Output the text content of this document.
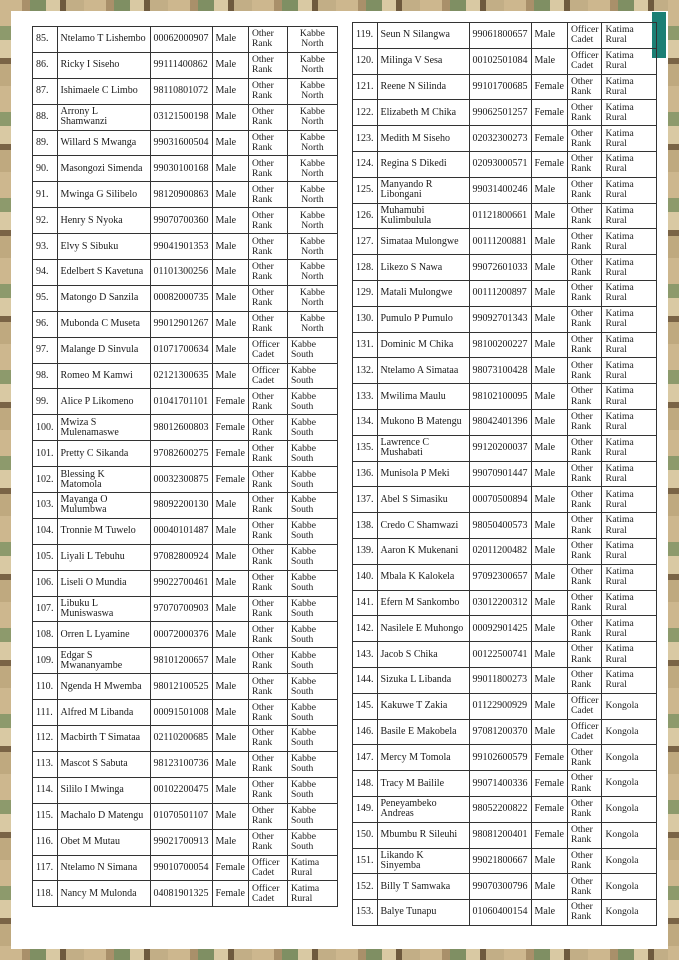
85.	Ntelamo T Lishembo	00062000907	Male	Other Rank	Kabbe North
86.	Ricky I Siseho	99111400862	Male	Other Rank	Kabbe North
87.	Ishimaele C Limbo	98110801072	Male	Other Rank	Kabbe North
88.	Arrony L Shamwanzi	03121500198	Male	Other Rank	Kabbe North
89.	Willard S Mwanga	99031600504	Male	Other Rank	Kabbe North
90.	Masongozi Simenda	99030100168	Male	Other Rank	Kabbe North
91.	Mwinga G Silibelo	98120900863	Male	Other Rank	Kabbe North
92.	Henry S Nyoka	99070700360	Male	Other Rank	Kabbe North
93.	Elvy S Sibuku	99041901353	Male	Other Rank	Kabbe North
94.	Edelbert S Kavetuna	01101300256	Male	Other Rank	Kabbe North
95.	Matongo D Sanzila	00082000735	Male	Other Rank	Kabbe North
96.	Mubonda C Museta	99012901267	Male	Other Rank	Kabbe North
97.	Malange D Sinvula	01071700634	Male	Officer Cadet	Kabbe South
98.	Romeo M Kamwi	02121300635	Male	Officer Cadet	Kabbe South
99.	Alice P Likomeno	01041701101	Female	Other Rank	Kabbe South
100.	Mwiza S Mulenamaswe	98012600803	Female	Other Rank	Kabbe South
101.	Pretty C Sikanda	97082600275	Female	Other Rank	Kabbe South
102.	Blessing K Matomola	00032300875	Female	Other Rank	Kabbe South
103.	Mayanga O Mulumbwa	98092200130	Male	Other Rank	Kabbe South
104.	Tronnie M Tuwelo	00040101487	Male	Other Rank	Kabbe South
105.	Liyali L Tebuhu	97082800924	Male	Other Rank	Kabbe South
106.	Liseli O Mundia	99022700461	Male	Other Rank	Kabbe South
107.	Libuku L Muniswaswa	97070700903	Male	Other Rank	Kabbe South
108.	Orren L Lyamine	00072000376	Male	Other Rank	Kabbe South
109.	Edgar S Mwananyambe	98101200657	Male	Other Rank	Kabbe South
110.	Ngenda H Mwemba	98012100525	Male	Other Rank	Kabbe South
111.	Alfred M Libanda	00091501008	Male	Other Rank	Kabbe South
112.	Macbirth T Simataa	02110200685	Male	Other Rank	Kabbe South
113.	Mascot S Sabuta	98123100736	Male	Other Rank	Kabbe South
114.	Sililo I Mwinga	00102200475	Male	Other Rank	Kabbe South
115.	Machalo D Matengu	01070501107	Male	Other Rank	Kabbe South
116.	Obet M Mutau	99021700913	Male	Other Rank	Kabbe South
117.	Ntelamo N Simana	99010700054	Female	Officer Cadet	Katima Rural
118.	Nancy M Mulonda	04081901325	Female	Officer Cadet	Katima Rural
119.	Seun N Silangwa	99061800657	Male	Officer Cadet	Katima Rural
120.	Milinga V Sesa	00102501084	Male	Officer Cadet	Katima Rural
121.	Reene N Silinda	99101700685	Female	Other Rank	Katima Rural
122.	Elizabeth M Chika	99062501257	Female	Other Rank	Katima Rural
123.	Medith M Siseho	02032300273	Female	Other Rank	Katima Rural
124.	Regina S Dikedi	02093000571	Female	Other Rank	Katima Rural
125.	Manyando R Libongani	99031400246	Male	Other Rank	Katima Rural
126.	Muhamubi Kulimbulula	01121800661	Male	Other Rank	Katima Rural
127.	Simataa Mulongwe	00111200881	Male	Other Rank	Katima Rural
128.	Likezo S Nawa	99072601033	Male	Other Rank	Katima Rural
129.	Matali Mulongwe	00111200897	Male	Other Rank	Katima Rural
130.	Pumulo P Pumulo	99092701343	Male	Other Rank	Katima Rural
131.	Dominic M Chika	98100200227	Male	Other Rank	Katima Rural
132.	Ntelamo A Simataa	98073100428	Male	Other Rank	Katima Rural
133.	Mwilima Maulu	98102100095	Male	Other Rank	Katima Rural
134.	Mukono B Matengu	98042401396	Male	Other Rank	Katima Rural
135.	Lawrence C Mushabati	99120200037	Male	Other Rank	Katima Rural
136.	Munisola P Meki	99070901447	Male	Other Rank	Katima Rural
137.	Abel S Simasiku	00070500894	Male	Other Rank	Katima Rural
138.	Credo C Shamwazi	98050400573	Male	Other Rank	Katima Rural
139.	Aaron K Mukenani	02011200482	Male	Other Rank	Katima Rural
140.	Mbala K Kalokela	97092300657	Male	Other Rank	Katima Rural
141.	Efern M Sankombo	03012200312	Male	Other Rank	Katima Rural
142.	Nasilele E Muhongo	00092901425	Male	Other Rank	Katima Rural
143.	Jacob S Chika	00122500741	Male	Other Rank	Katima Rural
144.	Sizuka L Libanda	99011800273	Male	Other Rank	Katima Rural
145.	Kakuwe T Zakia	01122900929	Male	Officer Cadet	Kongola
146.	Basile E Makobela	97081200370	Male	Officer Cadet	Kongola
147.	Mercy M Tomola	99102600579	Female	Other Rank	Kongola
148.	Tracy M Bailile	99071400336	Female	Other Rank	Kongola
149.	Peneyambeko Andreas	98052200822	Female	Other Rank	Kongola
150.	Mbumbu R Sileuhi	98081200401	Female	Other Rank	Kongola
151.	Likando K Sinyemba	99021800667	Male	Other Rank	Kongola
152.	Billy T Samwaka	99070300796	Male	Other Rank	Kongola
153.	Balye Tunapu	01060400154	Male	Other Rank	Kongola
